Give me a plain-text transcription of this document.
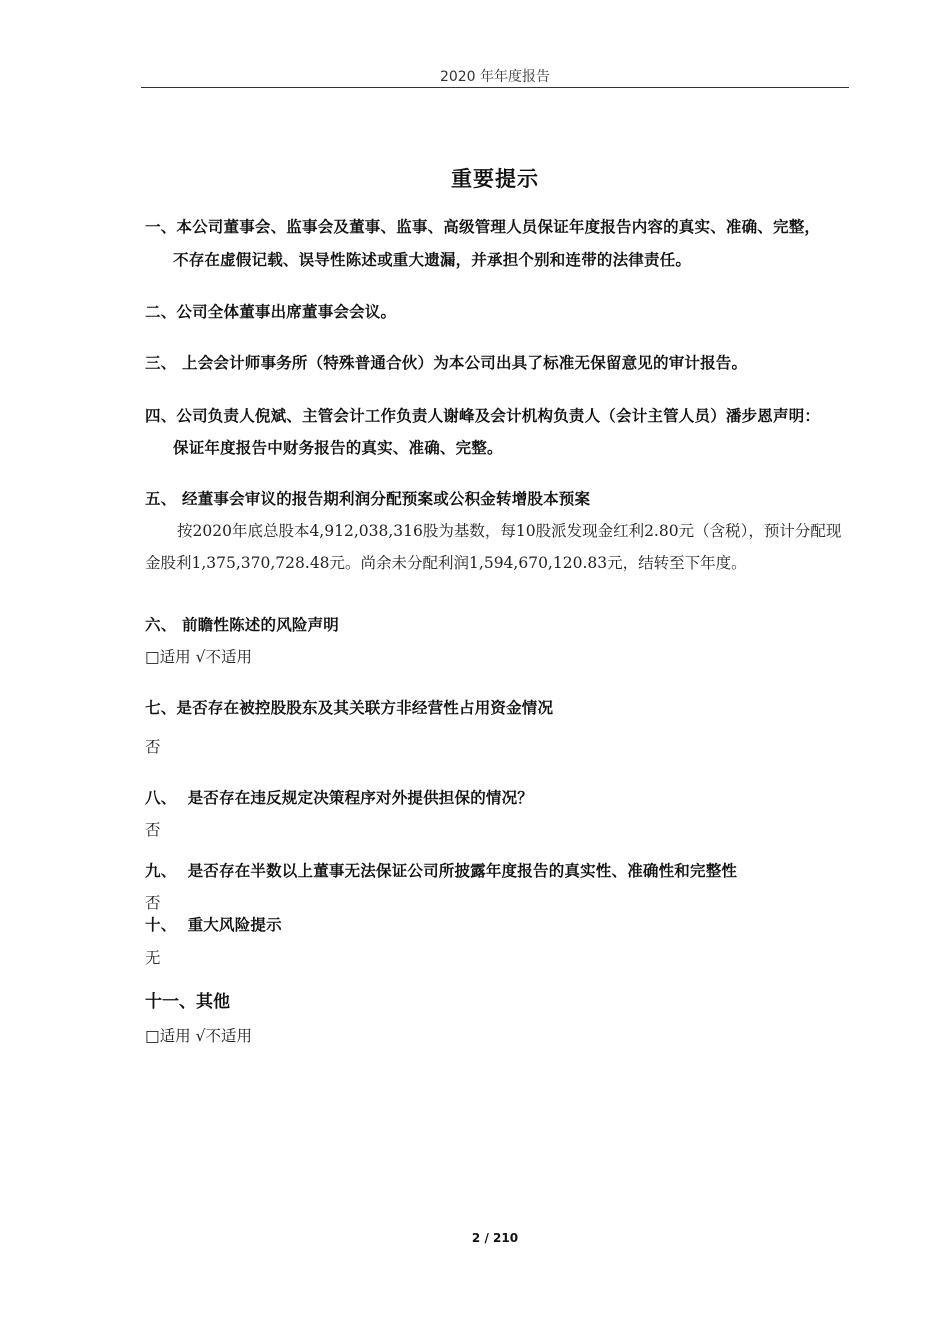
2020 年年度报告
重要提示
一、本公司董事会、监事会及董事、监事、高级管理人员保证年度报告内容的真实、准确、完整，
不存在虚假记载、误导性陈述或重大遗漏，并承担个别和连带的法律责任。
二、公司全体董事出席董事会会议。
三、 上会会计师事务所（特殊普通合伙）为本公司出具了标准无保留意见的审计报告。
四、公司负责人倪斌、主管会计工作负责人谢峰及会计机构负责人（会计主管人员）潘步恩声明：
保证年度报告中财务报告的真实、准确、完整。
五、 经董事会审议的报告期利润分配预案或公积金转增股本预案
按2020年底总股本4,912,038,316股为基数，每10股派发现金红利2.80元（含税），预计分配现
金股利1,375,370,728.48元。尚余未分配利润1,594,670,120.83元，结转至下年度。
六、 前瞻性陈述的风险声明
□适用 √不适用
七、是否存在被控股股东及其关联方非经营性占用资金情况
否
八、  是否存在违反规定决策程序对外提供担保的情况？
否
九、  是否存在半数以上董事无法保证公司所披露年度报告的真实性、准确性和完整性
否
十、  重大风险提示
无
十一、其他
□适用 √不适用
2 / 210
